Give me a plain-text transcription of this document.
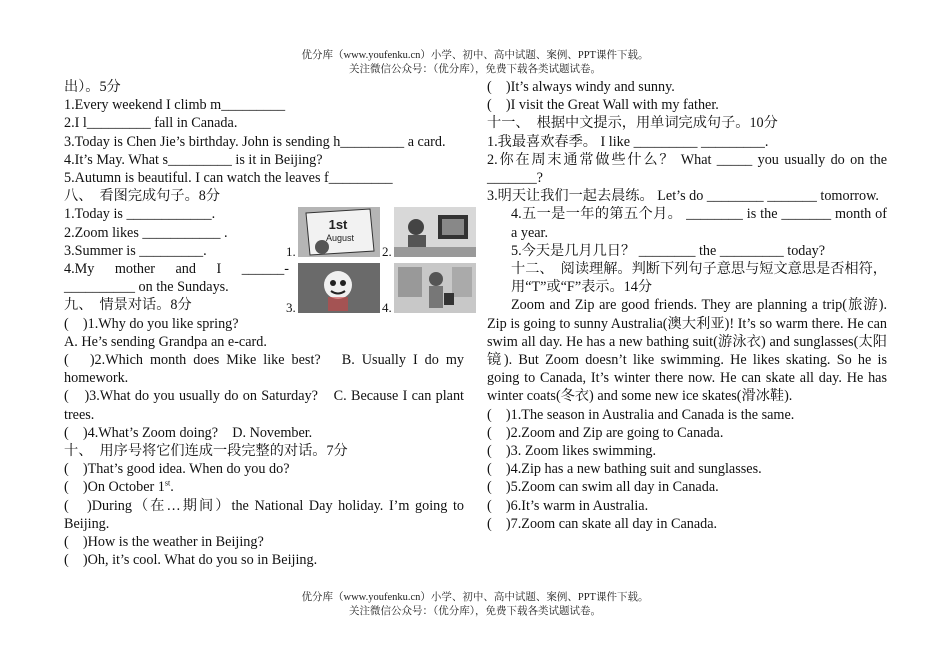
优分库（www.youfenku.cn）小学、初中、高中试题、案例、PPT课件下载。
关注微信公众号：（优分库），免费下载各类试题试卷。
出）。5分
1.Every weekend I climb m_________
2.I l_________ fall in Canada.
3.Today is Chen Jie’s birthday. John is sending h_________ a card.
4.It’s May. What s_________ is it in Beijing?
5.Autumn is beautiful. I can watch the leaves f_________
八、　看图完成句子。8分
1.Today is ____________.
2.Zoom likes ___________ .
3.Summer is _________.
4.My mother and I ______-__________ on the Sundays.
1.
1st
August
2.
3.	4.
九、　情景对话。8分
(　)1.Why do you like spring?
A. He’s sending Grandpa an e-card.
(　)2.Which month does Mike like best?　B. Usually I do my homework.
(　)3.What do you usually do on Saturday?　C. Because I can plant trees.
(　)4.What’s Zoom doing?　D. November.
十、　用序号将它们连成一段完整的对话。7分
(　)That’s good idea. When do you do?
(　)On October 1st.
(　)During（在…期间）the National Day holiday. I’m going to Beijing.
(　)How is the weather in Beijing?
(　)Oh, it’s cool. What do you so in Beijing.
(　)It’s always windy and sunny.
(　)I visit the Great Wall with my father.
十一、　根据中文提示，用单词完成句子。10分
1.我最喜欢春季。 I like _________ _________.
2.你在周末通常做些什么？ What _____ you usually do on the _______?
3.明天让我们一起去晨练。 Let’s do ________ _______ tomorrow.
4.五一是一年的第五个月。 ________ is the _______ month of a year.
5.今天是几月几日？ ________ the _________ today?
十二、　阅读理解。判断下列句子意思与短文意思是否相符，用“T”或“F”表示。14分
Zoom and Zip are good friends. They are planning a trip(旅游). Zip is going to sunny Australia(澳大利亚)! It’s so warm there. He can swim all day. He has a new bathing suit(游泳衣) and sunglasses(太阳镜). But Zoom doesn’t like swimming. He likes skating. So he is going to Canada, It’s winter there now. He can skate all day. He has winter coats(冬衣) and some new ice skates(滑冰鞋).
(　)1.The season in Australia and Canada is the same.
(　)2.Zoom and Zip are going to Canada.
(　)3. Zoom likes swimming.
(　)4.Zip has a new bathing suit and sunglasses.
(　)5.Zoom can swim all day in Canada.
(　)6.It’s warm in Australia.
(　)7.Zoom can skate all day in Canada.
优分库（www.youfenku.cn）小学、初中、高中试题、案例、PPT课件下载。
关注微信公众号：（优分库），免费下载各类试题试卷。
